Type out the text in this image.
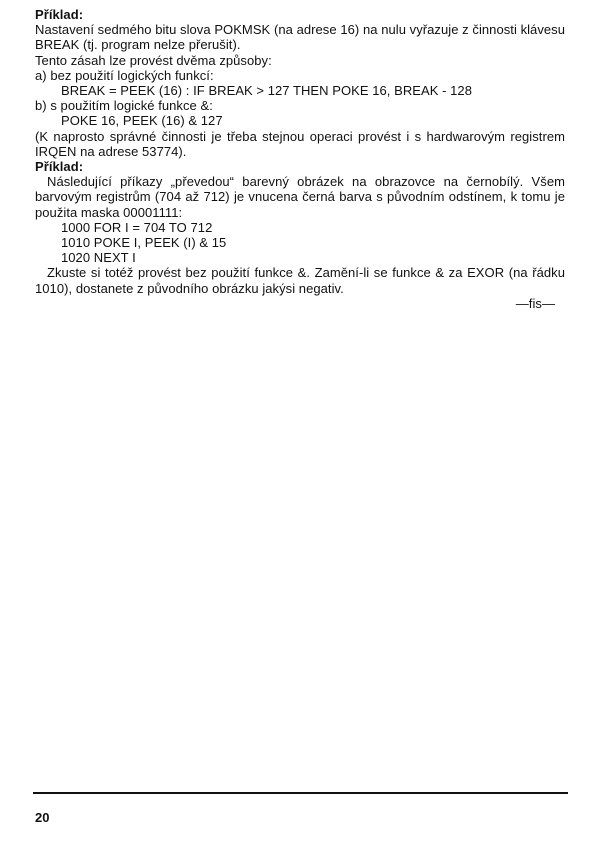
Příklad:
Nastavení sedmého bitu slova POKMSK (na adrese 16) na nulu vyřazuje z činnosti klávesu BREAK (tj. program nelze přerušit).
Tento zásah lze provést dvěma způsoby:
a) bez použití logických funkcí:
BREAK = PEEK (16) : IF BREAK > 127 THEN POKE 16, BREAK - 128
b) s použitím logické funkce &:
POKE 16, PEEK (16) & 127
(K naprosto správné činnosti je třeba stejnou operaci provést i s hardwarovým registrem IRQEN na adrese 53774).
Příklad:
Následující příkazy „převedou“ barevný obrázek na obrazovce na černobílý. Všem barvovým registrům (704 až 712) je vnucena černá barva s původním odstínem, k tomu je použita maska 00001111:
1000 FOR I = 704 TO 712
1010 POKE I, PEEK (I) & 15
1020 NEXT I
Zkuste si totéž provést bez použití funkce &. Zamění-li se funkce & za EXOR (na řádku 1010), dostanete z původního obrázku jakýsi negativ.
—fis—
20
